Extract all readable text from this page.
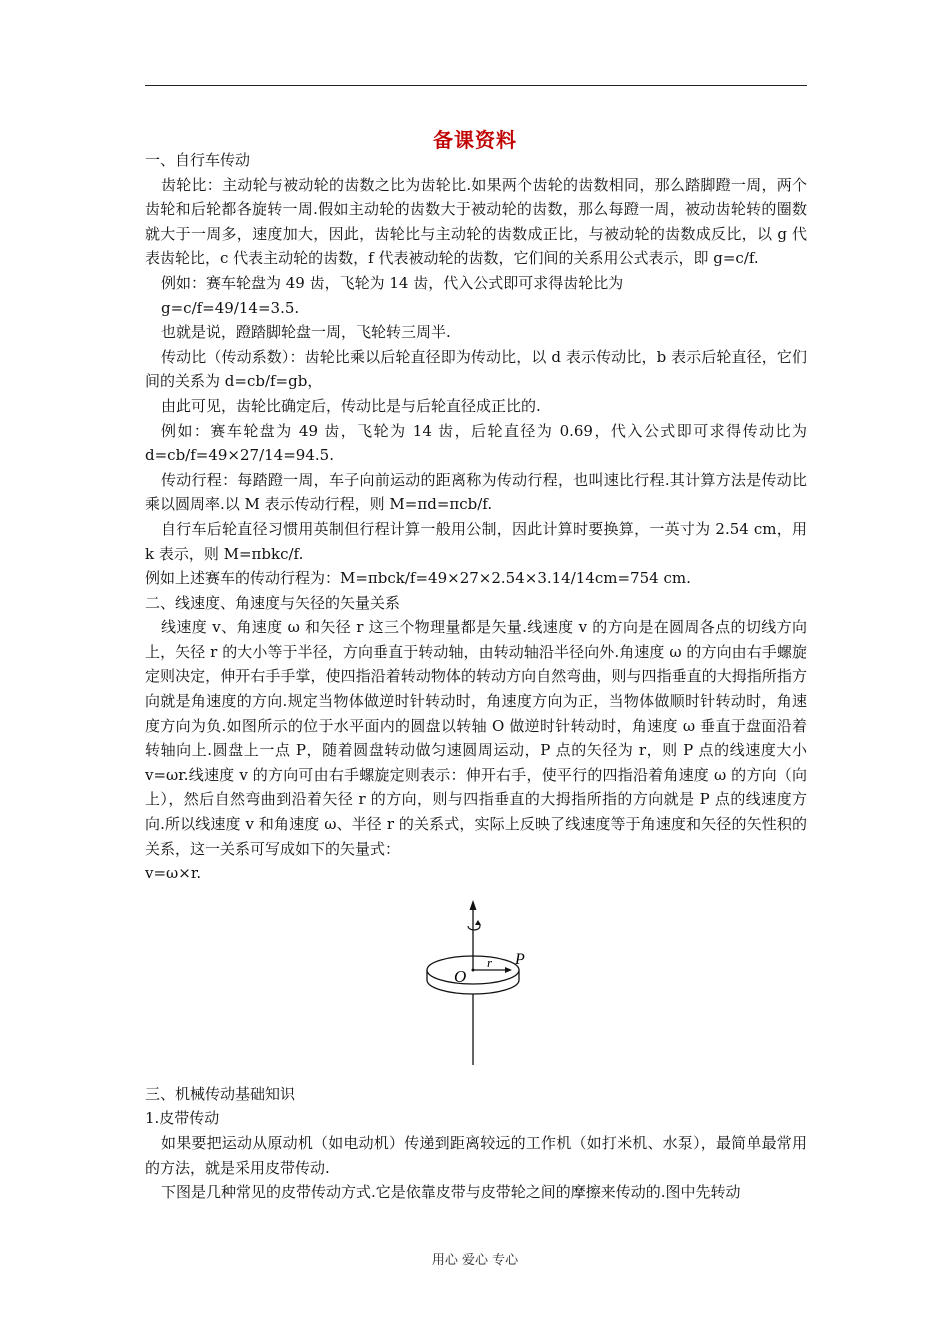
备课资料

一、自行车传动

齿轮比：主动轮与被动轮的齿数之比为齿轮比.如果两个齿轮的齿数相同，那么踏脚蹬一周，两个齿轮和后轮都各旋转一周.假如主动轮的齿数大于被动轮的齿数，那么每蹬一周，被动齿轮转的圈数就大于一周多，速度加大，因此，齿轮比与主动轮的齿数成正比，与被动轮的齿数成反比，以 g 代表齿轮比，c 代表主动轮的齿数，f 代表被动轮的齿数，它们间的关系用公式表示，即 g=c/f.

例如：赛车轮盘为 49 齿，飞轮为 14 齿，代入公式即可求得齿轮比为

g=c/f=49/14=3.5.

也就是说，蹬踏脚轮盘一周，飞轮转三周半.

传动比（传动系数）：齿轮比乘以后轮直径即为传动比，以 d 表示传动比，b 表示后轮直径，它们间的关系为 d=cb/f=gb，

由此可见，齿轮比确定后，传动比是与后轮直径成正比的.

例如：赛车轮盘为 49 齿，飞轮为 14 齿，后轮直径为 0.69，代入公式即可求得传动比为 d=cb/f=49×27/14=94.5.

传动行程：每踏蹬一周，车子向前运动的距离称为传动行程，也叫速比行程.其计算方法是传动比乘以圆周率.以 M 表示传动行程，则 M=πd=πcb/f.

自行车后轮直径习惯用英制但行程计算一般用公制，因此计算时要换算，一英寸为 2.54 cm，用 k 表示，则 M=πbkc/f.

例如上述赛车的传动行程为：M=πbck/f=49×27×2.54×3.14/14cm=754 cm.

二、线速度、角速度与矢径的矢量关系

线速度 v、角速度 ω 和矢径 r 这三个物理量都是矢量.线速度 v 的方向是在圆周各点的切线方向上，矢径 r 的大小等于半径，方向垂直于转动轴，由转动轴沿半径向外.角速度 ω 的方向由右手螺旋定则决定，伸开右手手掌，使四指沿着转动物体的转动方向自然弯曲，则与四指垂直的大拇指所指方向就是角速度的方向.规定当物体做逆时针转动时，角速度方向为正，当物体做顺时针转动时，角速度方向为负.如图所示的位于水平面内的圆盘以转轴 O 做逆时针转动时，角速度 ω 垂直于盘面沿着转轴向上.圆盘上一点 P，随着圆盘转动做匀速圆周运动，P 点的矢径为 r，则 P 点的线速度大小 v=ωr.线速度 v 的方向可由右手螺旋定则表示：伸开右手，使平行的四指沿着角速度 ω 的方向（向上），然后自然弯曲到沿着矢径 r 的方向，则与四指垂直的大拇指所指的方向就是 P 点的线速度方向.所以线速度 v 和角速度 ω、半径 r 的关系式，实际上反映了线速度等于角速度和矢径的矢性积的关系，这一关系可写成如下的矢量式：

v=ω×r.

O
r P

三、机械传动基础知识

1.皮带传动

如果要把运动从原动机（如电动机）传递到距离较远的工作机（如打米机、水泵），最简单最常用的方法，就是采用皮带传动.

下图是几种常见的皮带传动方式.它是依靠皮带与皮带轮之间的摩擦来传动的.图中先转动

用心 爱心 专心
